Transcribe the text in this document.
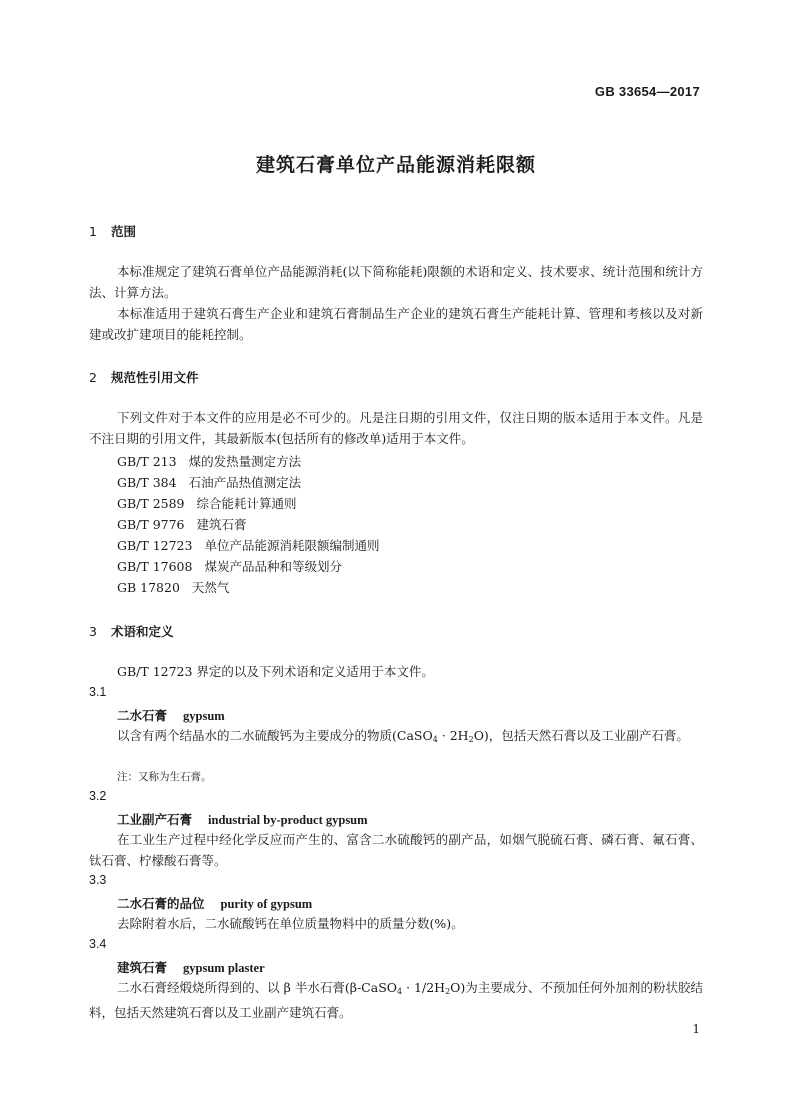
GB 33654—2017
建筑石膏单位产品能源消耗限额
1 范围
本标准规定了建筑石膏单位产品能源消耗(以下简称能耗)限额的术语和定义、技术要求、统计范围和统计方法、计算方法。
本标准适用于建筑石膏生产企业和建筑石膏制品生产企业的建筑石膏生产能耗计算、管理和考核以及对新建或改扩建项目的能耗控制。
2 规范性引用文件
下列文件对于本文件的应用是必不可少的。凡是注日期的引用文件，仅注日期的版本适用于本文件。凡是不注日期的引用文件，其最新版本(包括所有的修改单)适用于本文件。
GB/T 213 煤的发热量测定方法
GB/T 384 石油产品热值测定法
GB/T 2589 综合能耗计算通则
GB/T 9776 建筑石膏
GB/T 12723 单位产品能源消耗限额编制通则
GB/T 17608 煤炭产品品种和等级划分
GB 17820 天然气
3 术语和定义
GB/T 12723 界定的以及下列术语和定义适用于本文件。
3.1
二水石膏 gypsum
以含有两个结晶水的二水硫酸钙为主要成分的物质(CaSO$_4$ · $2H_2O$)，包括天然石膏以及工业副产石膏。
注：又称为生石膏。
3.2
工业副产石膏 industrial by-product gypsum
在工业生产过程中经化学反应而产生的、富含二水硫酸钙的副产品，如烟气脱硫石膏、磷石膏、氟石膏、钛石膏、柠檬酸石膏等。
3.3
二水石膏的品位 purity of gypsum
去除附着水后，二水硫酸钙在单位质量物料中的质量分数(%)。
3.4
建筑石膏 gypsum plaster
二水石膏经煅烧所得到的、以 β 半水石膏(β-CaSO$_4$ · $1/2H_2O$)为主要成分、不预加任何外加剂的粉状胶结料，包括天然建筑石膏以及工业副产建筑石膏。
1
